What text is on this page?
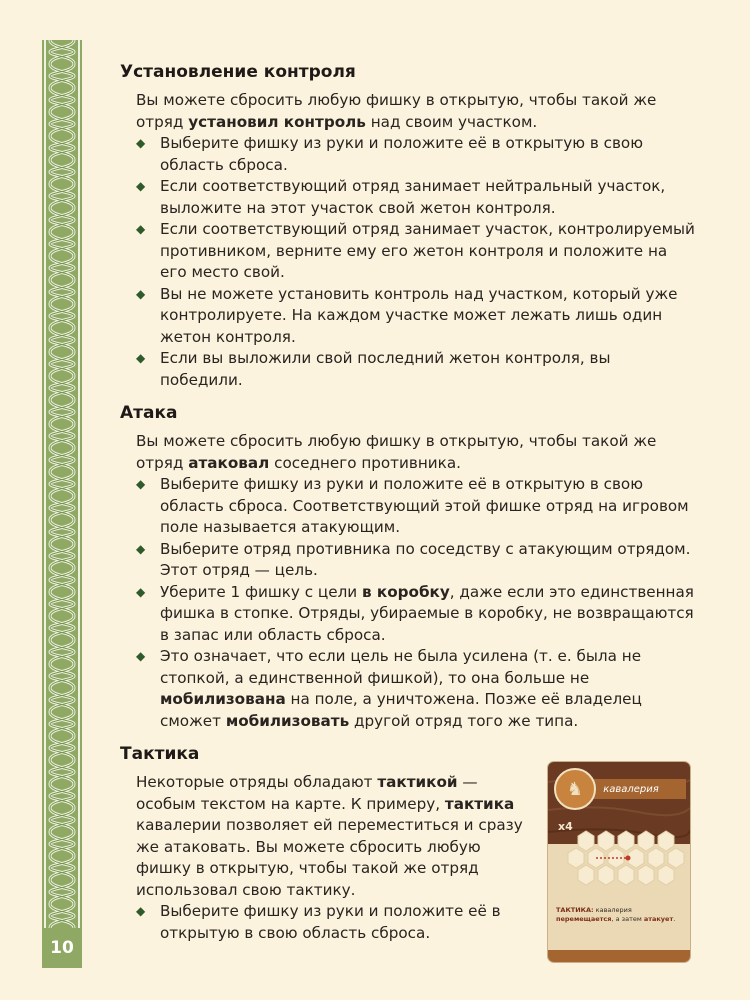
10
Установление контроля

Вы можете сбросить любую фишку в открытую, чтобы такой же отряд установил контроль над своим участком.

◆ Выберите фишку из руки и положите её в открытую в свою область сброса.
◆ Если соответствующий отряд занимает нейтральный участок, выложите на этот участок свой жетон контроля.
◆ Если соответствующий отряд занимает участок, контролируемый противником, верните ему его жетон контроля и положите на его место свой.
◆ Вы не можете установить контроль над участком, который уже контролируете. На каждом участке может лежать лишь один жетон контроля.
◆ Если вы выложили свой последний жетон контроля, вы победили.
Атака

Вы можете сбросить любую фишку в открытую, чтобы такой же отряд атаковал соседнего противника.

◆ Выберите фишку из руки и положите её в открытую в свою область сброса. Соответствующий этой фишке отряд на игровом поле называется атакующим.
◆ Выберите отряд противника по соседству с атакующим отрядом. Этот отряд — цель.
◆ Уберите 1 фишку с цели в коробку, даже если это единственная фишка в стопке. Отряды, убираемые в коробку, не возвращаются в запас или область сброса.
◆ Это означает, что если цель не была усилена (т. е. была не стопкой, а единственной фишкой), то она больше не мобилизована на поле, а уничтожена. Позже её владелец сможет мобилизовать другой отряд того же типа.
Тактика

Некоторые отряды обладают тактикой — особым текстом на карте. К примеру, тактика кавалерии позволяет ей переместиться и сразу же атаковать. Вы можете сбросить любую фишку в открытую, чтобы такой же отряд использовал свою тактику.

◆ Выберите фишку из руки и положите её в открытую в свою область сброса.
кавалерия
♞
x4
ТАКТИКА: кавалерия перемещается, а затем атакует.
